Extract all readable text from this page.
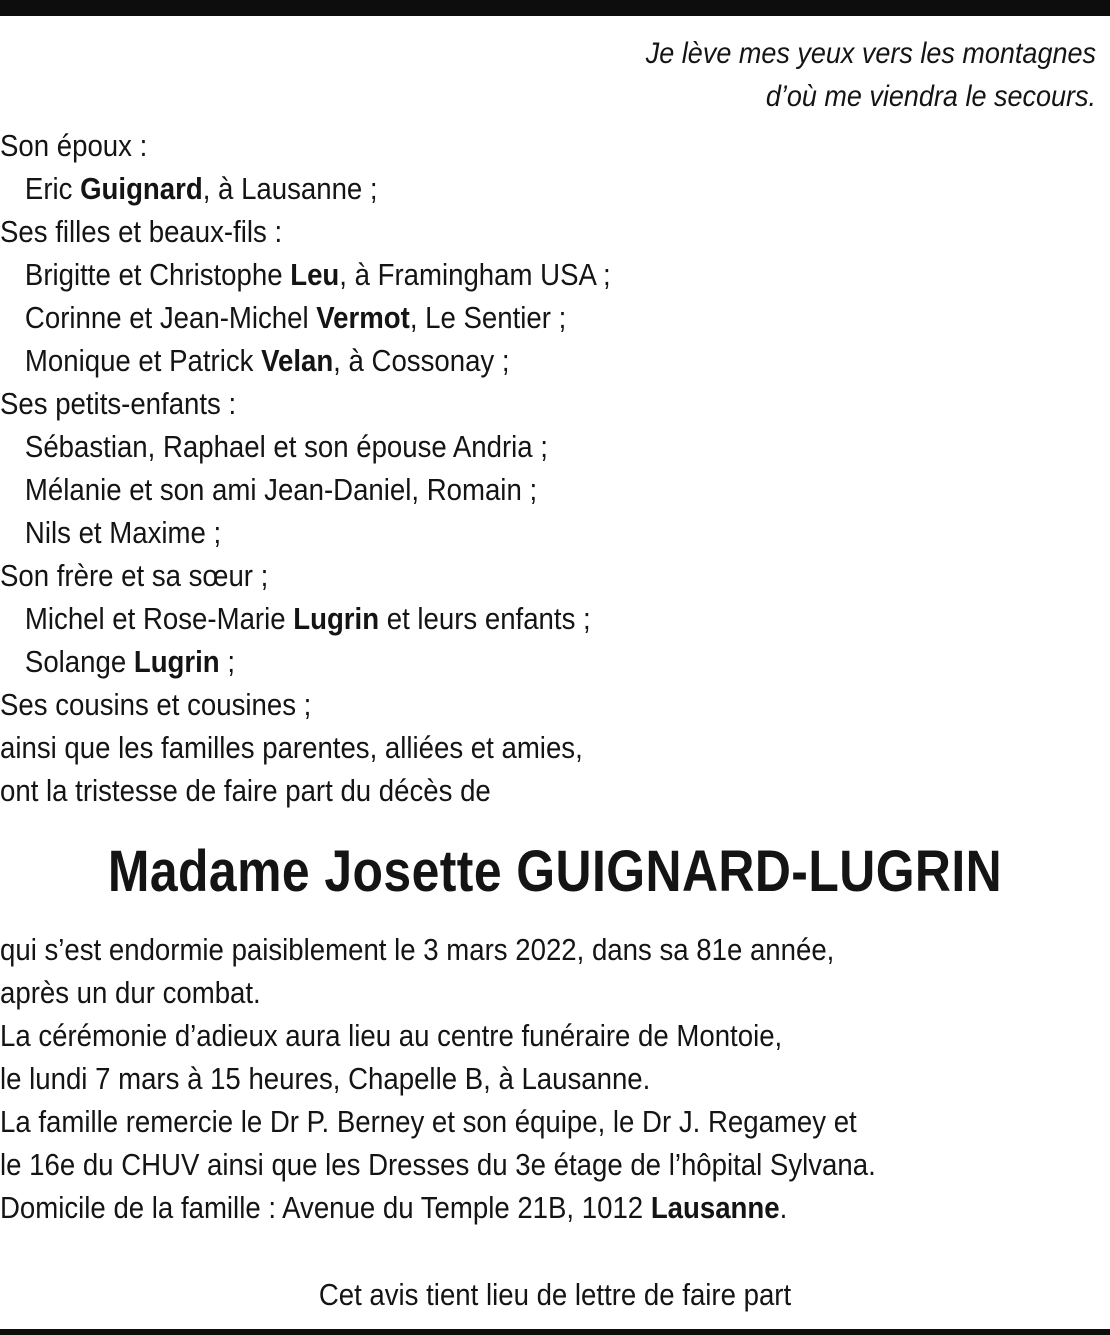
Je lève mes yeux vers les montagnes
d’où me viendra le secours.
Son époux :
Eric Guignard, à Lausanne ;
Ses filles et beaux-fils :
Brigitte et Christophe Leu, à Framingham USA ;
Corinne et Jean-Michel Vermot, Le Sentier ;
Monique et Patrick Velan, à Cossonay ;
Ses petits-enfants :
Sébastian, Raphael et son épouse Andria ;
Mélanie et son ami Jean-Daniel, Romain ;
Nils et Maxime ;
Son frère et sa sœur ;
Michel et Rose-Marie Lugrin et leurs enfants ;
Solange Lugrin ;
Ses cousins et cousines ;
ainsi que les familles parentes, alliées et amies,
ont la tristesse de faire part du décès de
Madame Josette GUIGNARD-LUGRIN
qui s’est endormie paisiblement le 3 mars 2022, dans sa 81e année,
après un dur combat.
La cérémonie d’adieux aura lieu au centre funéraire de Montoie,
le lundi 7 mars à 15 heures, Chapelle B, à Lausanne.
La famille remercie le Dr P. Berney et son équipe, le Dr J. Regamey et
le 16e du CHUV ainsi que les Dresses du 3e étage de l’hôpital Sylvana.
Domicile de la famille : Avenue du Temple 21B, 1012 Lausanne.
Cet avis tient lieu de lettre de faire part
